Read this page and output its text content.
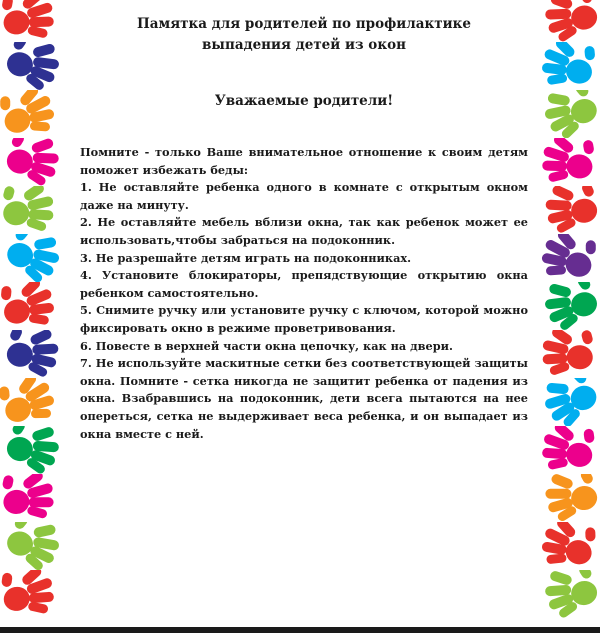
Памятка для родителей по профилактике
выпадения детей из окон

Уважаемые родители!

Помните - только Ваше внимательное отношение к своим детям поможет избежать беды:
1. Не оставляйте ребенка одного в комнате с открытым окном даже на минуту.
2. Не оставляйте мебель вблизи окна, так как ребенок может ее использовать,чтобы забраться на подоконник.
3. Не разрешайте детям играть на подоконниках.
4. Установите блокираторы, препядствующие открытию окна ребенком самостоятельно.
5. Снимите ручку или установите ручку с ключом, которой можно фиксировать окно в режиме проветривования.
6. Повесте в верхней части окна цепочку, как на двери.
7. Не используйте маскитные сетки без соответствующей защиты окна. Помните - сетка никогда не защитит ребенка от падения из окна. Взабравшись на подоконник, дети всега пытаются на нее опереться, сетка не выдерживает веса ребенка, и он выпадает из окна вместе с ней.
